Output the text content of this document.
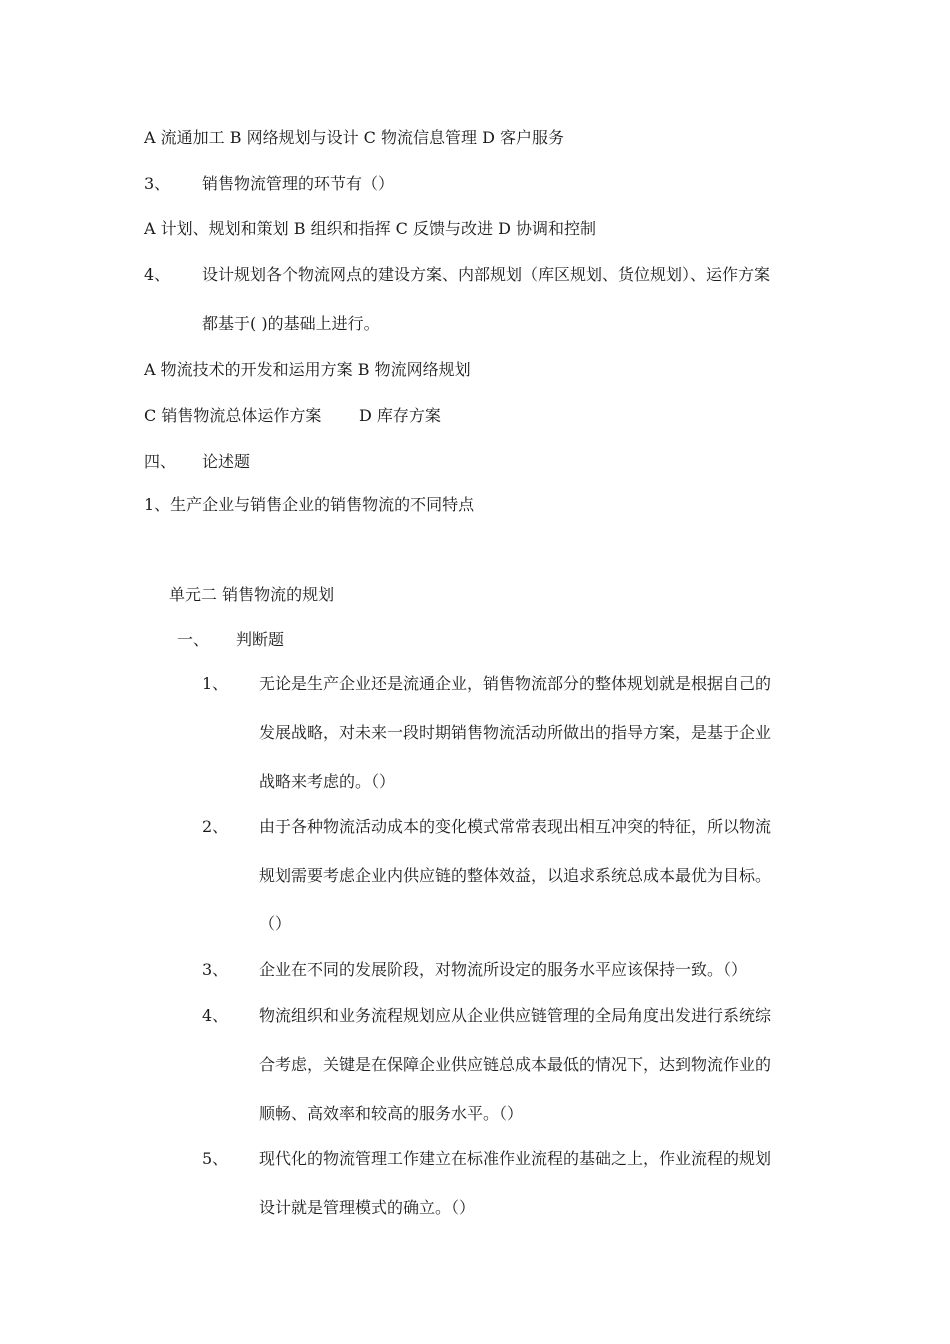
A 流通加工 B 网络规划与设计 C 物流信息管理 D 客户服务
3、 销售物流管理的环节有（）
A 计划、规划和策划 B 组织和指挥 C 反馈与改进 D 协调和控制
4、 设计规划各个物流网点的建设方案、内部规划（库区规划、货位规划）、运作方案
都基于( )的基础上进行。
A 物流技术的开发和运用方案 B 物流网络规划
C 销售物流总体运作方案 D 库存方案
四、 论述题
1、生产企业与销售企业的销售物流的不同特点
单元二 销售物流的规划
一、 判断题
1、 无论是生产企业还是流通企业，销售物流部分的整体规划就是根据自己的
发展战略，对未来一段时期销售物流活动所做出的指导方案，是基于企业
战略来考虑的。（）
2、 由于各种物流活动成本的变化模式常常表现出相互冲突的特征，所以物流
规划需要考虑企业内供应链的整体效益，以追求系统总成本最优为目标。
（）
3、 企业在不同的发展阶段，对物流所设定的服务水平应该保持一致。（）
4、 物流组织和业务流程规划应从企业供应链管理的全局角度出发进行系统综
合考虑，关键是在保障企业供应链总成本最低的情况下，达到物流作业的
顺畅、高效率和较高的服务水平。（）
5、 现代化的物流管理工作建立在标准作业流程的基础之上，作业流程的规划
设计就是管理模式的确立。（）
